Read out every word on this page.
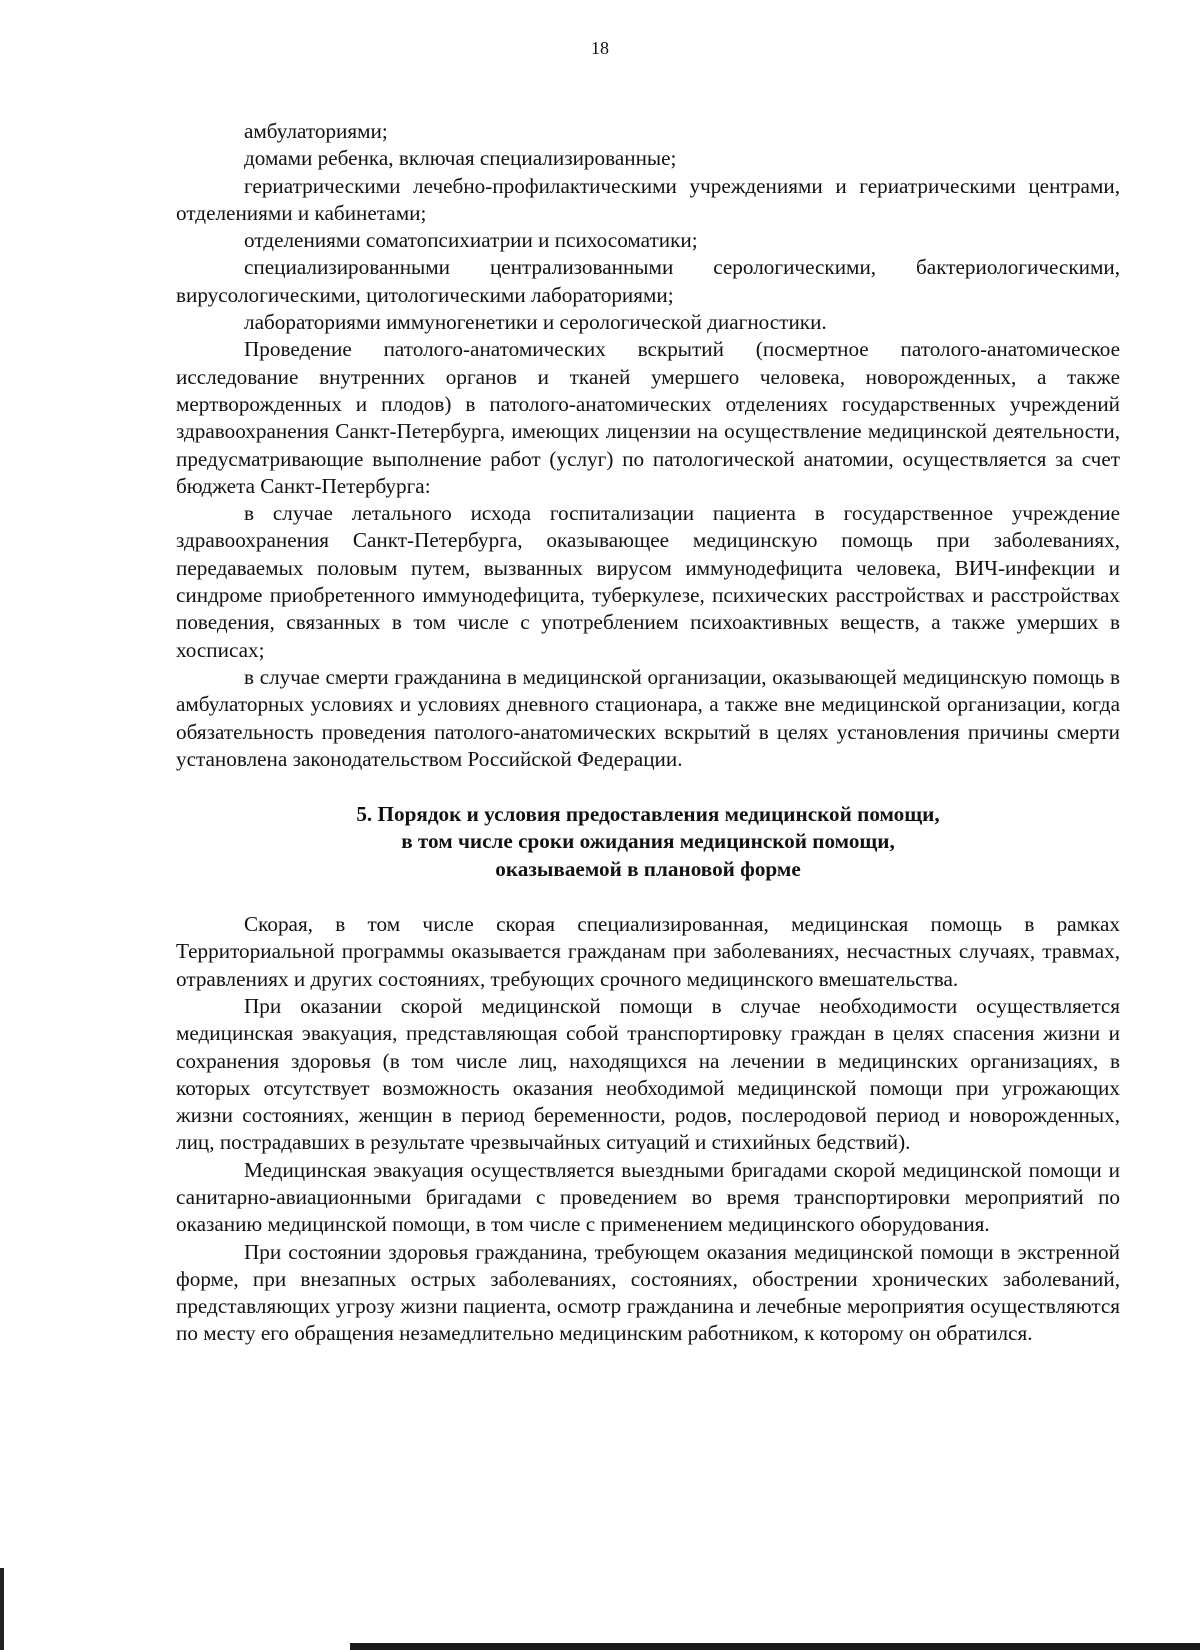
18

амбулаториями;

домами ребенка, включая специализированные;

гериатрическими лечебно-профилактическими учреждениями и гериатрическими центрами, отделениями и кабинетами;

отделениями соматопсихиатрии и психосоматики;

специализированными централизованными серологическими, бактериологическими, вирусологическими, цитологическими лабораториями;

лабораториями иммуногенетики и серологической диагностики.

Проведение патолого-анатомических вскрытий (посмертное патолого-анатомическое исследование внутренних органов и тканей умершего человека, новорожденных, а также мертворожденных и плодов) в патолого-анатомических отделениях государственных учреждений здравоохранения Санкт-Петербурга, имеющих лицензии на осуществление медицинской деятельности, предусматривающие выполнение работ (услуг) по патологической анатомии, осуществляется за счет бюджета Санкт-Петербурга:

в случае летального исхода госпитализации пациента в государственное учреждение здравоохранения Санкт-Петербурга, оказывающее медицинскую помощь при заболеваниях, передаваемых половым путем, вызванных вирусом иммунодефицита человека, ВИЧ-инфекции и синдроме приобретенного иммунодефицита, туберкулезе, психических расстройствах и расстройствах поведения, связанных в том числе с употреблением психоактивных веществ, а также умерших в хосписах;

в случае смерти гражданина в медицинской организации, оказывающей медицинскую помощь в амбулаторных условиях и условиях дневного стационара, а также вне медицинской организации, когда обязательность проведения патолого-анатомических вскрытий в целях установления причины смерти установлена законодательством Российской Федерации.

5. Порядок и условия предоставления медицинской помощи,
в том числе сроки ожидания медицинской помощи,
оказываемой в плановой форме

Скорая, в том числе скорая специализированная, медицинская помощь в рамках Территориальной программы оказывается гражданам при заболеваниях, несчастных случаях, травмах, отравлениях и других состояниях, требующих срочного медицинского вмешательства.

При оказании скорой медицинской помощи в случае необходимости осуществляется медицинская эвакуация, представляющая собой транспортировку граждан в целях спасения жизни и сохранения здоровья (в том числе лиц, находящихся на лечении в медицинских организациях, в которых отсутствует возможность оказания необходимой медицинской помощи при угрожающих жизни состояниях, женщин в период беременности, родов, послеродовой период и новорожденных, лиц, пострадавших в результате чрезвычайных ситуаций и стихийных бедствий).

Медицинская эвакуация осуществляется выездными бригадами скорой медицинской помощи и санитарно-авиационными бригадами с проведением во время транспортировки мероприятий по оказанию медицинской помощи, в том числе с применением медицинского оборудования.

При состоянии здоровья гражданина, требующем оказания медицинской помощи в экстренной форме, при внезапных острых заболеваниях, состояниях, обострении хронических заболеваний, представляющих угрозу жизни пациента, осмотр гражданина и лечебные мероприятия осуществляются по месту его обращения незамедлительно медицинским работником, к которому он обратился.
